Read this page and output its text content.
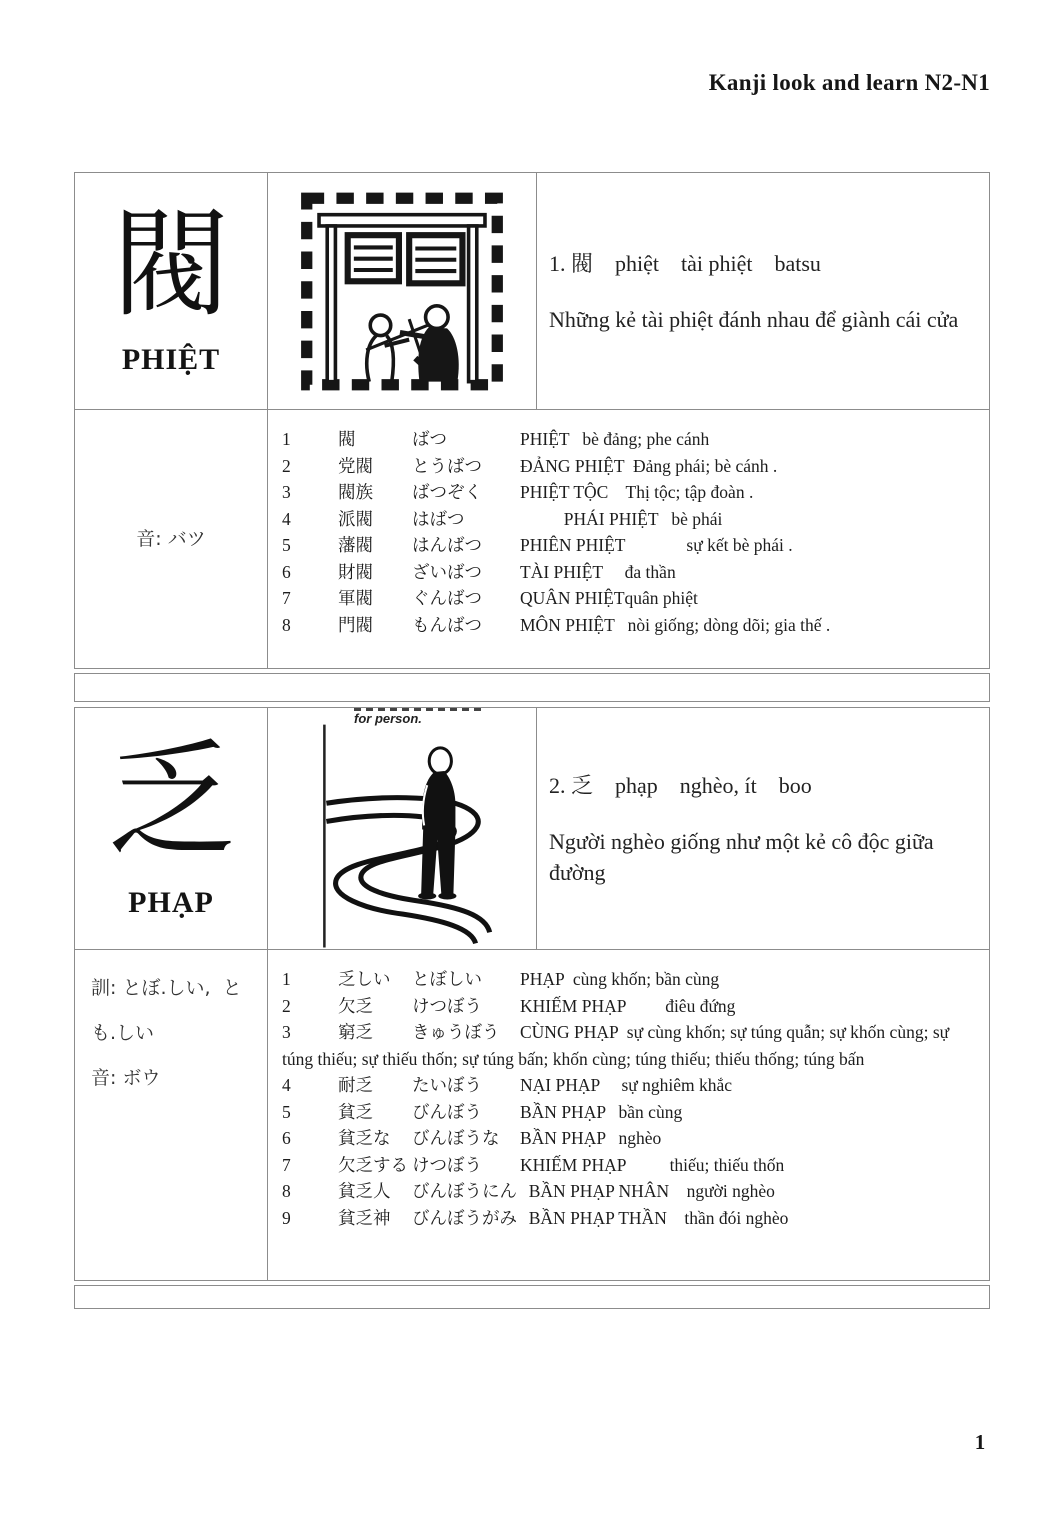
Kanji look and learn N2-N1
閥
PHIỆT
1. 閥    phiệt    tài phiệt    batsu
Những kẻ tài phiệt đánh nhau để giành cái cửa
音: バツ
1	閥	ばつ	PHIỆT   bè đảng; phe cánh
2	党閥 とうばつ ĐẢNG PHIỆT  Đảng phái; bè cánh .
3	閥族 ばつぞく PHIỆT TỘC    Thị tộc; tập đoàn .
4	派閥 はばつ	PHÁI PHIỆT   bè phái
5	藩閥 はんばつ PHIÊN PHIỆT              sự kết bè phái .
6	財閥 ざいばつ TÀI PHIỆT     đa thần
7	軍閥 ぐんばつ QUÂN PHIỆTquân phiệt
8	門閥 もんばつ MÔN PHIỆT   nòi giống; dòng dõi; gia thế .
乏
PHẠP
for person.
2. 乏    phạp    nghèo, ít    boo
Người nghèo giống như một kẻ cô độc giữa đường
訓: とぼ.しい,  と
も.しい
音: ボウ
1	乏しい とぼしい PHẠP  cùng khốn; bần cùng
2	欠乏 けつぼう KHIẾM PHẠP         điêu đứng
3	窮乏 きゅうぼう CÙNG PHẠP  sự cùng khốn; sự túng quẫn; sự khốn cùng; sự túng thiếu; sự thiếu thốn; sự túng bấn; khốn cùng; túng thiếu; thiếu thống; túng bấn
4	耐乏 たいぼう NẠI PHẠP     sự nghiêm khắc
5	貧乏 びんぼう BẦN PHẠP   bần cùng
6	貧乏な びんぼうな BẦN PHẠP   nghèo
7	欠乏する けつぼう KHIẾM PHẠP          thiếu; thiếu thốn
8	貧乏人 びんぼうにん  BẦN PHẠP NHÂN    người nghèo
9	貧乏神 びんぼうがみ  BẦN PHẠP THẦN    thần đói nghèo
1
